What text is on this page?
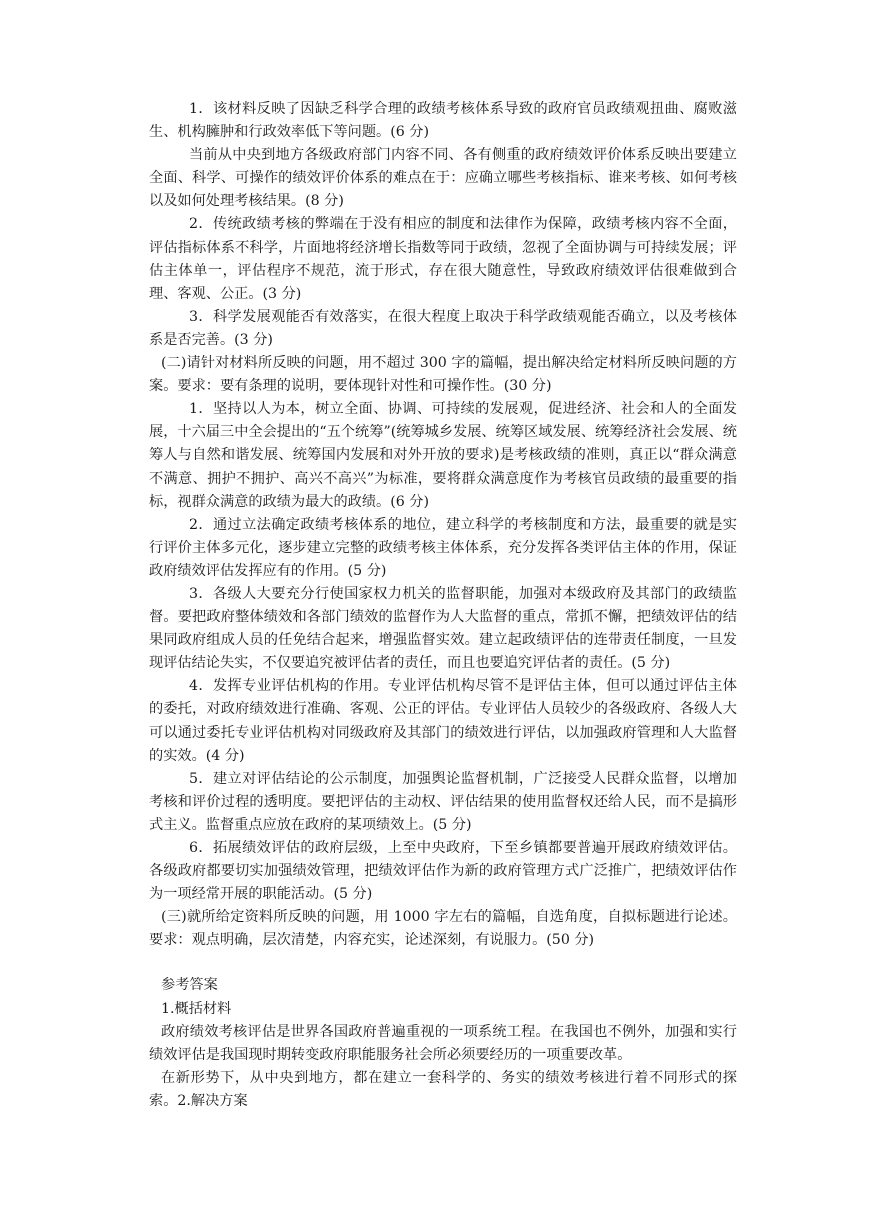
1．该材料反映了因缺乏科学合理的政绩考核体系导致的政府官员政绩观扭曲、腐败滋生、机构臃肿和行政效率低下等问题。(6 分)

当前从中央到地方各级政府部门内容不同、各有侧重的政府绩效评价体系反映出要建立全面、科学、可操作的绩效评价体系的难点在于：应确立哪些考核指标、谁来考核、如何考核以及如何处理考核结果。(8 分)

2．传统政绩考核的弊端在于没有相应的制度和法律作为保障，政绩考核内容不全面，评估指标体系不科学，片面地将经济增长指数等同于政绩，忽视了全面协调与可持续发展；评估主体单一，评估程序不规范，流于形式，存在很大随意性，导致政府绩效评估很难做到合理、客观、公正。(3 分)

3．科学发展观能否有效落实，在很大程度上取决于科学政绩观能否确立，以及考核体系是否完善。(3 分)

(二)请针对材料所反映的问题，用不超过 300 字的篇幅，提出解决给定材料所反映问题的方案。要求：要有条理的说明，要体现针对性和可操作性。(30 分)

1．坚持以人为本，树立全面、协调、可持续的发展观，促进经济、社会和人的全面发展，十六届三中全会提出的“五个统筹”(统筹城乡发展、统筹区域发展、统筹经济社会发展、统筹人与自然和谐发展、统筹国内发展和对外开放的要求)是考核政绩的准则，真正以“群众满意不满意、拥护不拥护、高兴不高兴”为标准，要将群众满意度作为考核官员政绩的最重要的指标，视群众满意的政绩为最大的政绩。(6 分)

2．通过立法确定政绩考核体系的地位，建立科学的考核制度和方法，最重要的就是实行评价主体多元化，逐步建立完整的政绩考核主体体系，充分发挥各类评估主体的作用，保证政府绩效评估发挥应有的作用。(5 分)

3．各级人大要充分行使国家权力机关的监督职能，加强对本级政府及其部门的政绩监督。要把政府整体绩效和各部门绩效的监督作为人大监督的重点，常抓不懈，把绩效评估的结果同政府组成人员的任免结合起来，增强监督实效。建立起政绩评估的连带责任制度，一旦发现评估结论失实，不仅要追究被评估者的责任，而且也要追究评估者的责任。(5 分)

4．发挥专业评估机构的作用。专业评估机构尽管不是评估主体，但可以通过评估主体的委托，对政府绩效进行准确、客观、公正的评估。专业评估人员较少的各级政府、各级人大可以通过委托专业评估机构对同级政府及其部门的绩效进行评估，以加强政府管理和人大监督的实效。(4 分)

5．建立对评估结论的公示制度，加强舆论监督机制，广泛接受人民群众监督，以增加考核和评价过程的透明度。要把评估的主动权、评估结果的使用监督权还给人民，而不是搞形式主义。监督重点应放在政府的某项绩效上。(5 分)

6．拓展绩效评估的政府层级，上至中央政府，下至乡镇都要普遍开展政府绩效评估。各级政府都要切实加强绩效管理，把绩效评估作为新的政府管理方式广泛推广，把绩效评估作为一项经常开展的职能活动。(5 分)

(三)就所给定资料所反映的问题，用 1000 字左右的篇幅，自选角度，自拟标题进行论述。要求：观点明确，层次清楚，内容充实，论述深刻，有说服力。(50 分)

参考答案

1.概括材料

政府绩效考核评估是世界各国政府普遍重视的一项系统工程。在我国也不例外，加强和实行绩效评估是我国现时期转变政府职能服务社会所必须要经历的一项重要改革。

在新形势下，从中央到地方，都在建立一套科学的、务实的绩效考核进行着不同形式的探索。2.解决方案
